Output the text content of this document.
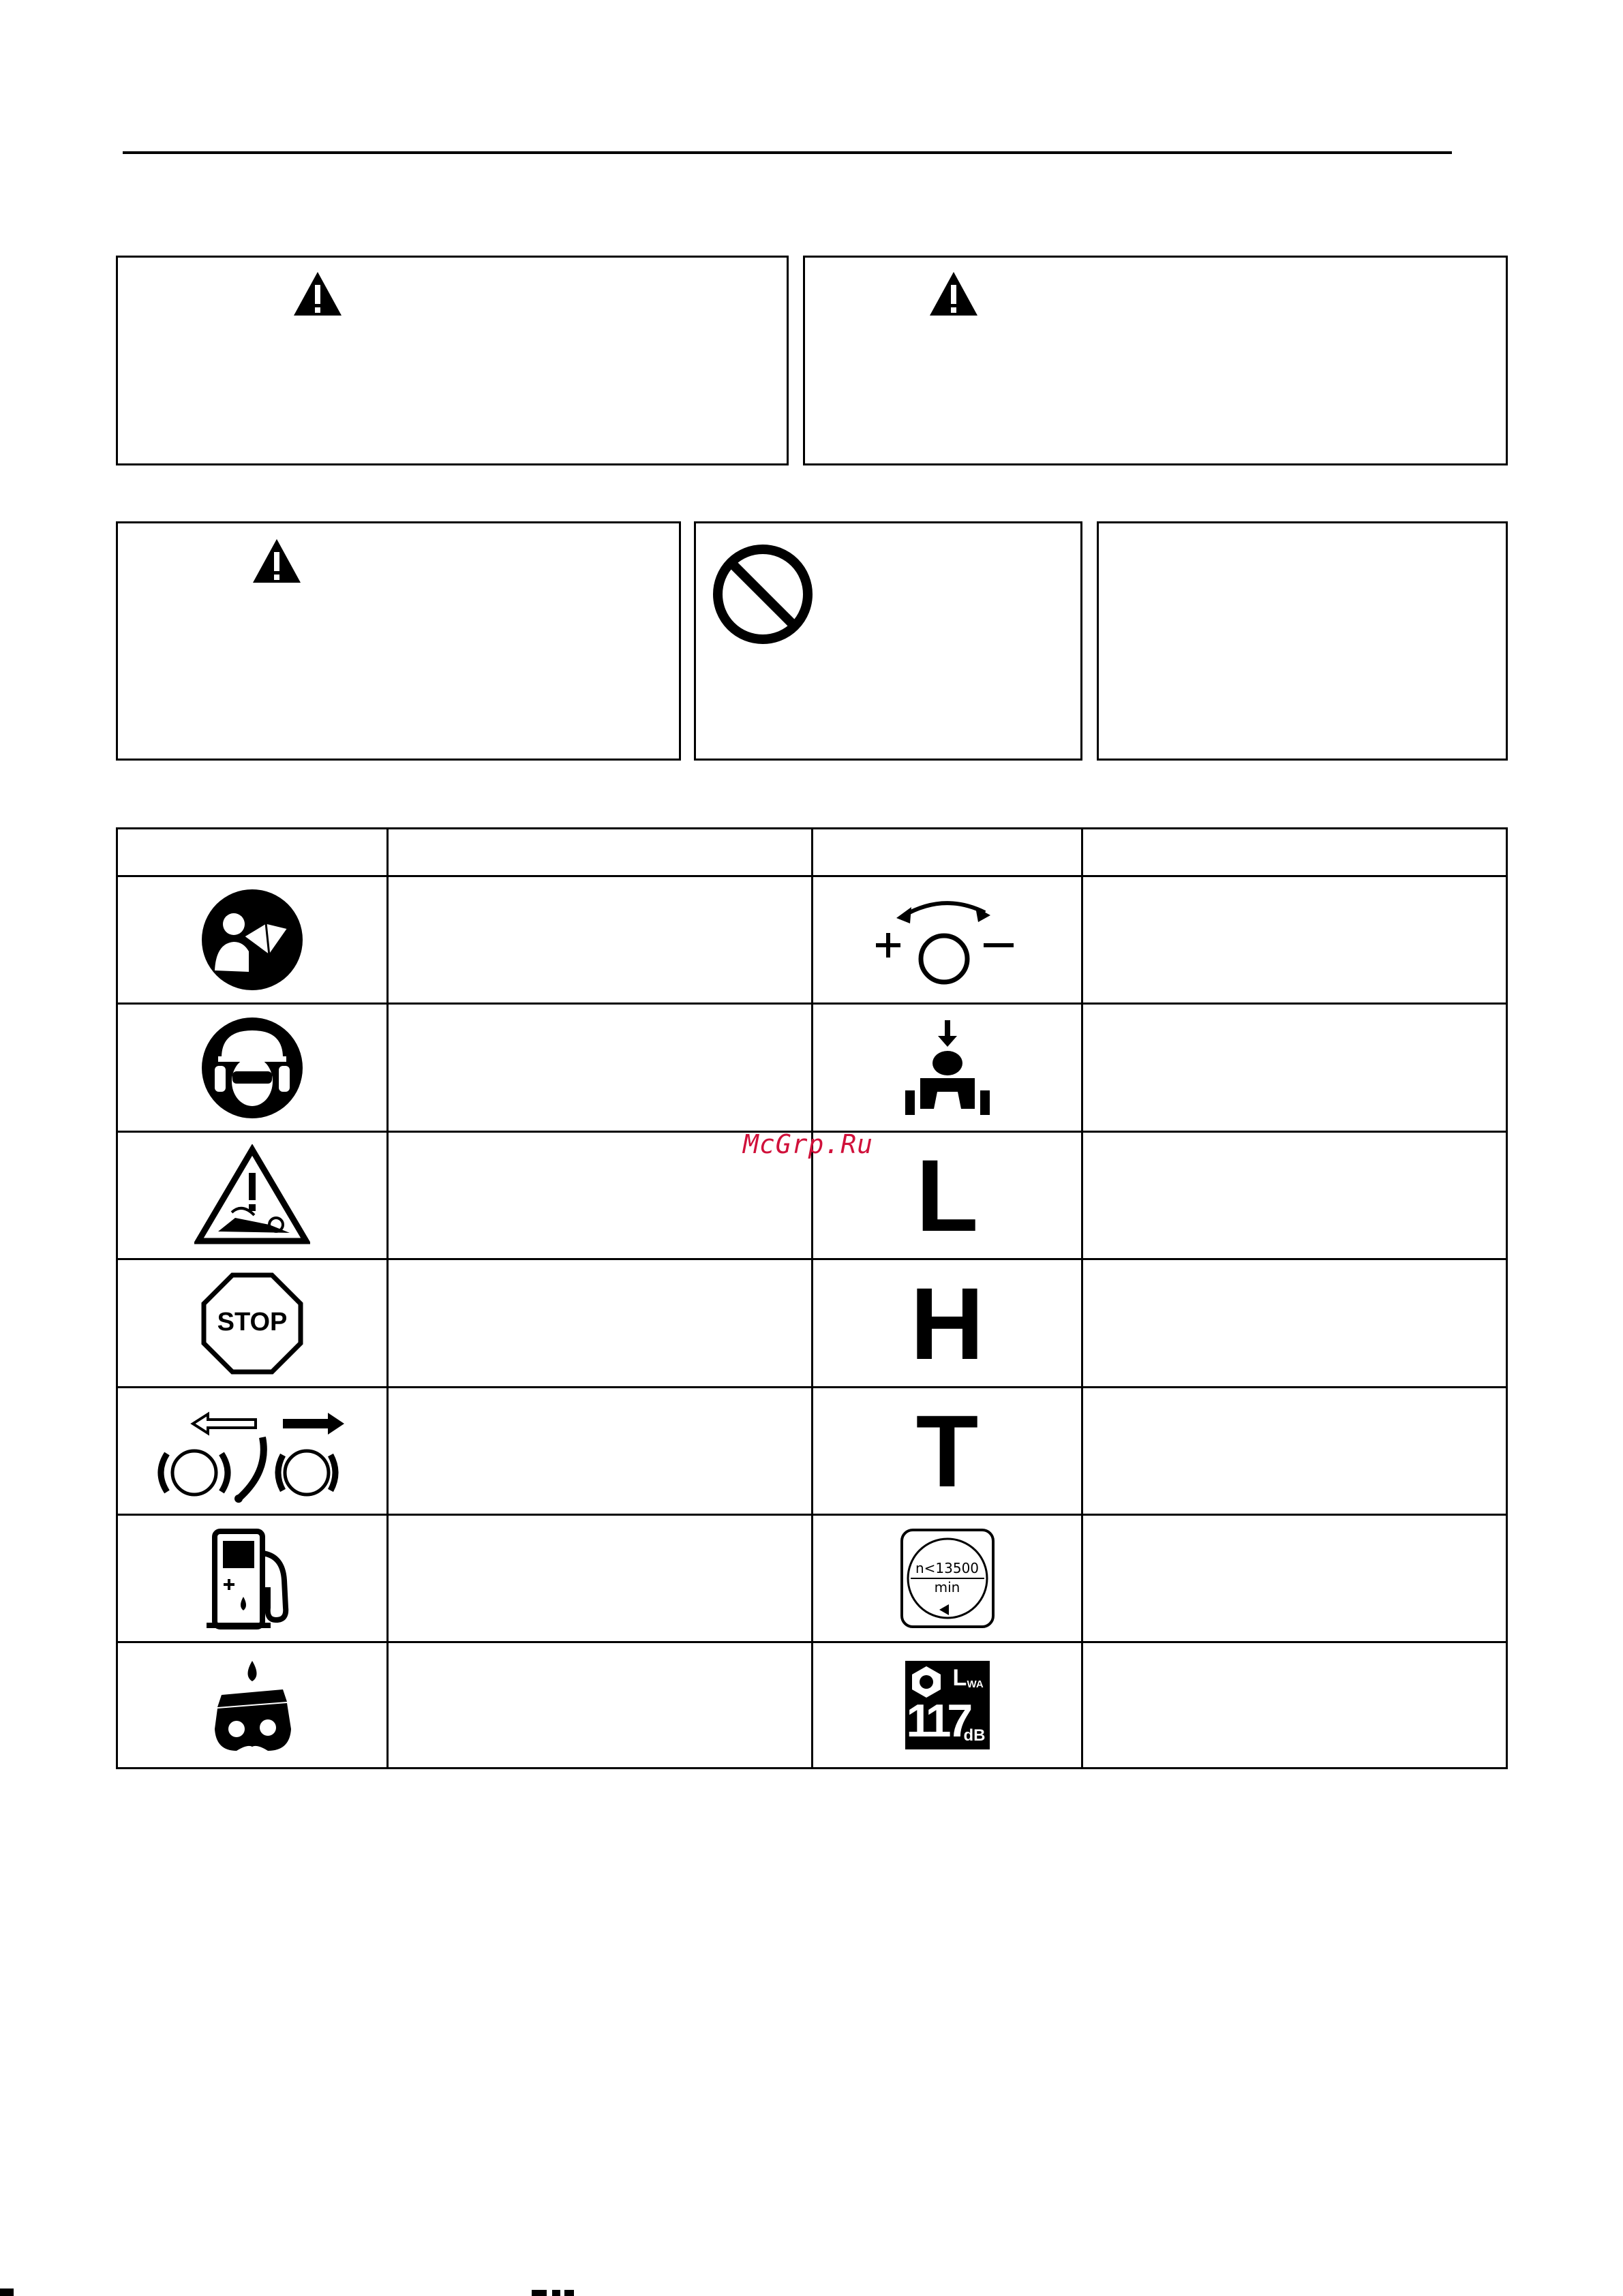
L
STOP	H
T
n<13500
min
L WA
117
dB
McGrp.Ru
